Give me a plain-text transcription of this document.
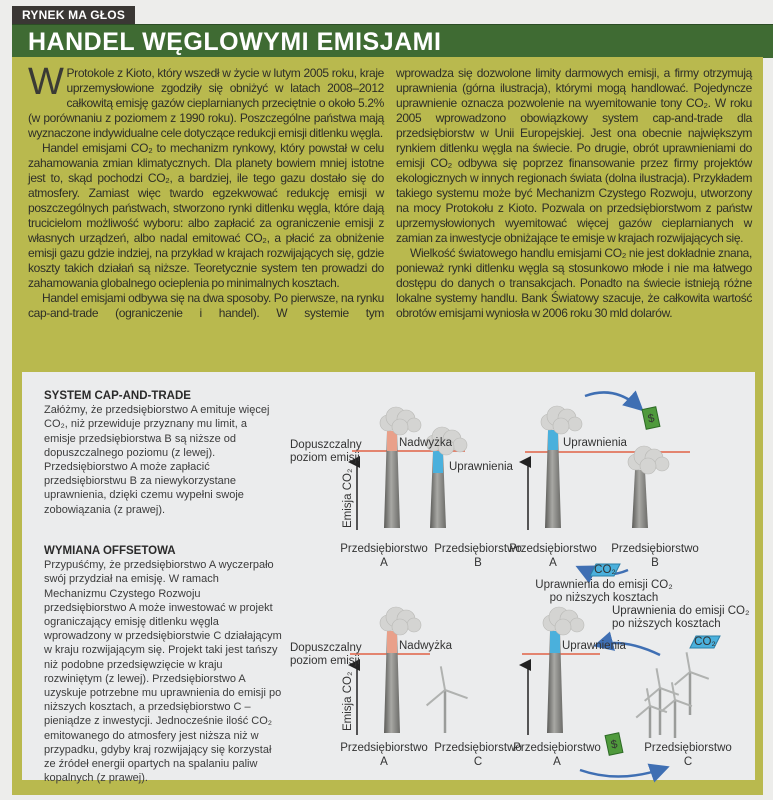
RYNEK MA GŁOS
HANDEL WĘGLOWYMI EMISJAMI

W Protokole z Kioto, który wszedł w życie w lutym 2005 roku, kraje uprzemysłowione zgodziły się obniżyć w latach 2008–2012 całkowitą emisję gazów cieplarnianych przeciętnie o około 5.2% (w porównaniu z poziomem z 1990 roku). Poszczególne państwa mają wyznaczone indywidualne cele dotyczące redukcji emisji ditlenku węgla.

Handel emisjami CO₂ to mechanizm rynkowy, który powstał w celu zahamowania zmian klimatycznych. Dla planety bowiem mniej istotne jest to, skąd pochodzi CO₂, a bardziej, ile tego gazu dostało się do atmosfery. Zamiast więc twardo egzekwować redukcję emisji w poszczególnych państwach, stworzono rynki ditlenku węgla, które dają trucicielom możliwość wyboru: albo zapłacić za ograniczenie emisji z własnych urządzeń, albo nadal emitować CO₂, a płacić za obniżenie emisji gazu gdzie indziej, na przykład w krajach rozwijających się, gdzie koszty takich działań są niższe. Teoretycznie system ten prowadzi do zahamowania globalnego ocieplenia po minimalnych kosztach.

Handel emisjami odbywa się na dwa sposoby. Po pierwsze, na rynku cap-and-trade (ograniczenie i handel). W systemie tym

wprowadza się dozwolone limity darmowych emisji, a firmy otrzymują uprawnienia (górna ilustracja), którymi mogą handlować. Pojedyncze uprawnienie oznacza pozwolenie na wyemitowanie tony CO₂. W roku 2005 wprowadzono obowiązkowy system cap-and-trade dla przedsiębiorstw w Unii Europejskiej. Jest ona obecnie największym rynkiem ditlenku węgla na świecie. Po drugie, obrót uprawnieniami do emisji CO₂ odbywa się poprzez finansowanie przez firmy projektów ekologicznych w innych regionach świata (dolna ilustracja). Przykładem takiego systemu może być Mechanizm Czystego Rozwoju, utworzony na mocy Protokołu z Kioto. Pozwala on przedsiębiorstwom z państw uprzemysłowionych wyemitować więcej gazów cieplarnianych w zamian za inwestycje obniżające te emisje w krajach rozwijających się.

Wielkość światowego handlu emisjami CO₂ nie jest dokładnie znana, ponieważ rynki ditlenku węgla są stosunkowo młode i nie ma łatwego dostępu do danych o transakcjach. Ponadto na świecie istnieją różne lokalne systemy handlu. Bank Światowy szacuje, że całkowita wartość obrotów emisjami wyniosła w 2006 roku 30 mld dolarów.

SYSTEM CAP-AND-TRADE

Załóżmy, że przedsiębiorstwo A emituje więcej CO₂, niż przewiduje przyznany mu limit, a emisje przedsiębiorstwa B są niższe od dopuszczalnego poziomu (z lewej). Przedsiębiorstwo A może zapłacić przedsiębiorstwu B za niewykorzystane uprawnienia, dzięki czemu wypełni swoje zobowiązania (z prawej).

WYMIANA OFFSETOWA

Przypuśćmy, że przedsiębiorstwo A wyczerpało swój przydział na emisję. W ramach Mechanizmu Czystego Rozwoju przedsiębiorstwo A może inwestować w projekt ograniczający emisję ditlenku węgla wprowadzony w przedsiębiorstwie C działającym w kraju rozwijającym się. Projekt taki jest tańszy niż podobne przedsięwzięcie w kraju rozwiniętym (z lewej). Przedsiębiorstwo A uzyskuje potrzebne mu uprawnienia do emisji po niższych kosztach, a przedsiębiorstwo C – pieniądze z inwestycji. Jednocześnie ilość CO₂ emitowanego do atmosfery jest niższa niż w przypadku, gdyby kraj rozwijający się korzystał ze źródeł energii opartych na spalaniu paliw kopalnych (z prawej).

Dopuszczalny
poziom emisji
Dopuszczalny
poziom emisji
Emisja CO₂
Emisja CO₂
Nadwyżka
Uprawnienia
Uprawnienia
Nadwyżka	Uprawnienia
Przedsiębiorstwo
A
Przedsiębiorstwo
B
Przedsiębiorstwo
A
Przedsiębiorstwo
B
Przedsiębiorstwo
A
Przedsiębiorstwo
C
Przedsiębiorstwo
A
Przedsiębiorstwo
C
Uprawnienia do emisji CO₂
po niższych kosztach
Uprawnienia do emisji CO₂
po niższych kosztach
$
CO₂
CO₂
$
